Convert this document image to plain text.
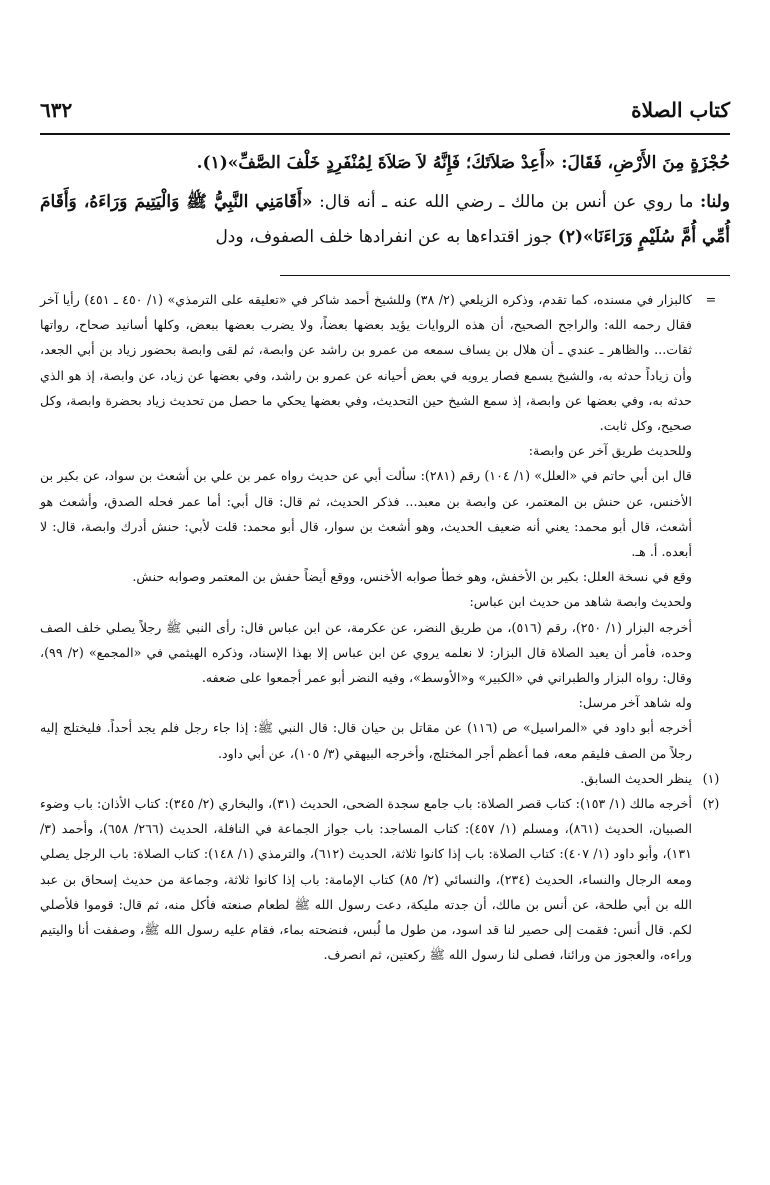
كتاب الصلاة
٦٣٢

حُجْزَةٍ مِنَ الأَرْضِ، فَقَالَ: «أَعِدْ صَلاَتَكَ؛ فَإِنَّهُ لاَ صَلاَةَ لِمُنْفَرِدٍ خَلْفَ الصَّفِّ»(١).

ولنا: ما روي عن أنس بن مالك ـ رضي الله عنه ـ أنه قال: «أَقَامَنِي النَّبِيُّ ﷺ وَالْيَتِيمَ وَرَاءَهُ، وَأَقَامَ أُمِّي أُمَّ سُلَيْمٍ وَرَاءَنَا»(٢) جوز اقتداءها به عن انفرادها خلف الصفوف، ودل

=

كالبزار في مسنده، كما تقدم، وذكره الزيلعي (٢/ ٣٨) وللشيخ أحمد شاكر في «تعليقه على الترمذي» (١/ ٤٥٠ ـ ٤٥١) رأيا آخر فقال رحمه الله: والراجح الصحيح، أن هذه الروايات يؤيد بعضها بعضاً، ولا يضرب بعضها ببعض، وكلها أسانيد صحاح، رواتها ثقات... والظاهر ـ عندي ـ أن هلال بن يساف سمعه من عمرو بن راشد عن وابصة، ثم لقى وابصة بحضور زياد بن أبي الجعد، وأن زياداً حدثه به، والشيخ يسمع فصار يرويه في بعض أحيانه عن عمرو بن راشد، وفي بعضها عن زياد، عن وابصة، إذ هو الذي حدثه به، وفي بعضها عن وابصة، إذ سمع الشيخ حين التحديث، وفي بعضها يحكي ما حصل من تحديث زياد بحضرة وابصة، وكل صحيح، وكل ثابت.

وللحديث طريق آخر عن وابصة:

قال ابن أبي حاتم في «العلل» (١/ ١٠٤) رقم (٢٨١): سألت أبي عن حديث رواه عمر بن علي بن أشعث بن سواد، عن بكير بن الأخنس، عن حنش بن المعتمر، عن وابصة بن معبد... فذكر الحديث، ثم قال: قال أبي: أما عمر فحله الصدق، وأشعث هو أشعث، قال أبو محمد: يعني أنه ضعيف الحديث، وهو أشعث بن سوار، قال أبو محمد: قلت لأبي: حنش أدرك وابصة، قال: لا أبعده. أ. هـ.

وقع في نسخة العلل: بكير بن الأخفش، وهو خطأ صوابه الأخنس، ووقع أيضاً حفش بن المعتمر وصوابه حنش.

ولحديث وابصة شاهد من حديث ابن عباس:

أخرجه البزار (١/ ٢٥٠)، رقم (٥١٦)، من طريق النضر، عن عكرمة، عن ابن عباس قال: رأى النبي ﷺ رجلاً يصلي خلف الصف وحده، فأمر أن يعيد الصلاة قال البزار: لا نعلمه يروي عن ابن عباس إلا بهذا الإسناد، وذكره الهيثمي في «المجمع» (٢/ ٩٩)، وقال: رواه البزار والطبراني في «الكبير» و«الأوسط»، وفيه النضر أبو عمر أجمعوا على ضعفه.

وله شاهد آخر مرسل:

أخرجه أبو داود في «المراسيل» ص (١١٦) عن مقاتل بن حيان قال: قال النبي ﷺ: إذا جاء رجل فلم يجد أحداً. فليختلج إليه رجلاً من الصف فليقم معه، فما أعظم أجر المختلج، وأخرجه البيهقي (٣/ ١٠٥)، عن أبي داود.

(١)

ينظر الحديث السابق.

(٢)

أخرجه مالك (١/ ١٥٣): كتاب قصر الصلاة: باب جامع سجدة الضحى، الحديث (٣١)، والبخاري (٢/ ٣٤٥): كتاب الأذان: باب وضوء الصبيان، الحديث (٨٦١)، ومسلم (١/ ٤٥٧): كتاب المساجد: باب جواز الجماعة في النافلة، الحديث (٢٦٦/ ٦٥٨)، وأحمد (٣/ ١٣١)، وأبو داود (١/ ٤٠٧): كتاب الصلاة: باب إذا كانوا ثلاثة، الحديث (٦١٢)، والترمذي (١/ ١٤٨): كتاب الصلاة: باب الرجل يصلي ومعه الرجال والنساء، الحديث (٢٣٤)، والنسائي (٢/ ٨٥) كتاب الإمامة: باب إذا كانوا ثلاثة، وجماعة من حديث إسحاق بن عبد الله بن أبي طلحة، عن أنس بن مالك، أن جدته مليكة، دعت رسول الله ﷺ لطعام صنعته فأكل منه، ثم قال: قوموا فلأصلي لكم. قال أنس: فقمت إلى حصير لنا قد اسود، من طول ما لُبس، فنضحته بماء، فقام عليه رسول الله ﷺ، وصففت أنا واليتيم وراءه، والعجوز من ورائنا، فصلى لنا رسول الله ﷺ ركعتين، ثم انصرف.
